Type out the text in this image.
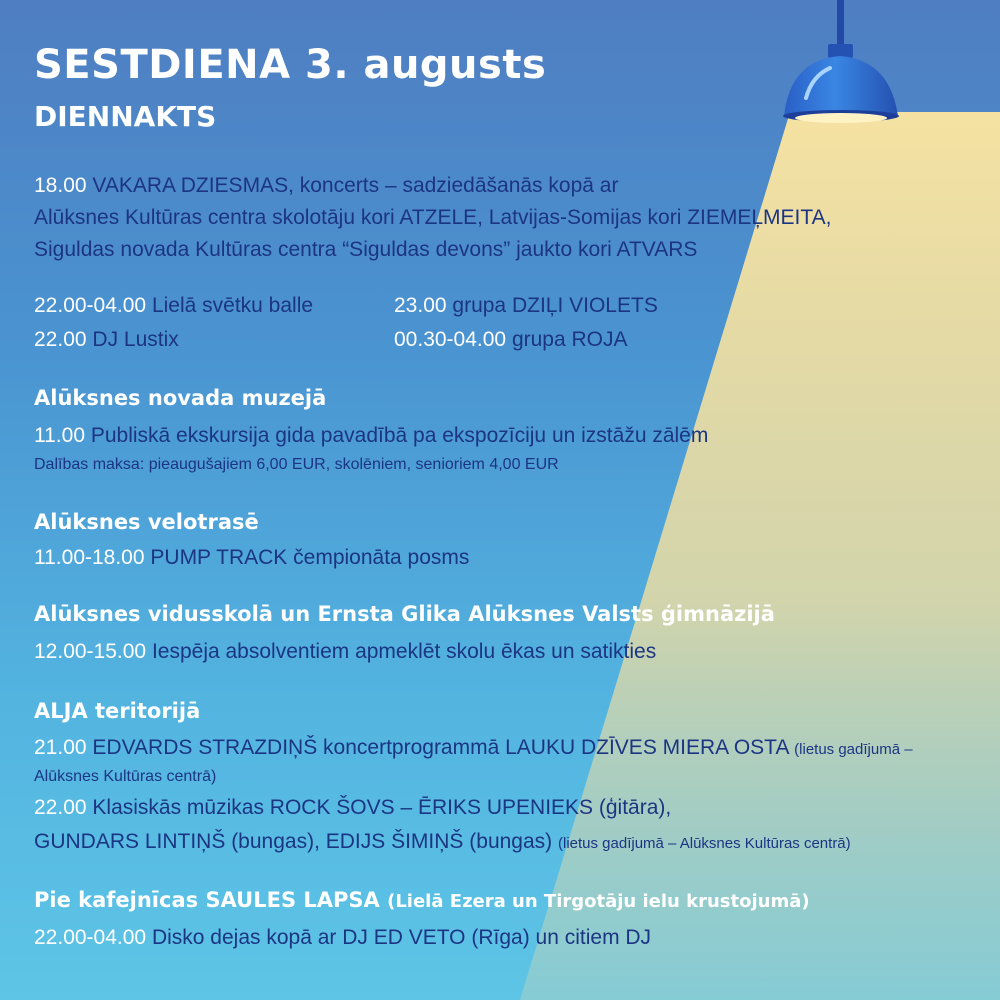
SESTDIENA 3. augusts
DIENNAKTS
18.00 VAKARA DZIESMAS, koncerts – sadziedāšanās kopā ar
Alūksnes Kultūras centra skolotāju kori ATZELE, Latvijas-Somijas kori ZIEMEĻMEITA,
Siguldas novada Kultūras centra “Siguldas devons” jaukto kori ATVARS
22.00-04.00 Lielā svētku balle
22.00 DJ Lustix
23.00 grupa DZIĻI VIOLETS
00.30-04.00 grupa ROJA
Alūksnes novada muzejā
11.00 Publiskā ekskursija gida pavadībā pa ekspozīciju un izstāžu zālēm
Dalības maksa: pieaugušajiem 6,00 EUR, skolēniem, senioriem 4,00 EUR
Alūksnes velotrasē
11.00-18.00 PUMP TRACK čempionāta posms
Alūksnes vidusskolā un Ernsta Glika Alūksnes Valsts ģimnāzijā
12.00-15.00 Iespēja absolventiem apmeklēt skolu ēkas un satikties
ALJA teritorijā
21.00 EDVARDS STRAZDIŅŠ koncertprogrammā LAUKU DZĪVES MIERA OSTA (lietus gadījumā –
Alūksnes Kultūras centrā)
22.00 Klasiskās mūzikas ROCK ŠOVS – ĒRIKS UPENIEKS (ģitāra),
GUNDARS LINTIŅŠ (bungas), EDIJS ŠIMIŅŠ (bungas) (lietus gadījumā – Alūksnes Kultūras centrā)
Pie kafejnīcas SAULES LAPSA (Lielā Ezera un Tirgotāju ielu krustojumā)
22.00-04.00 Disko dejas kopā ar DJ ED VETO (Rīga) un citiem DJ
